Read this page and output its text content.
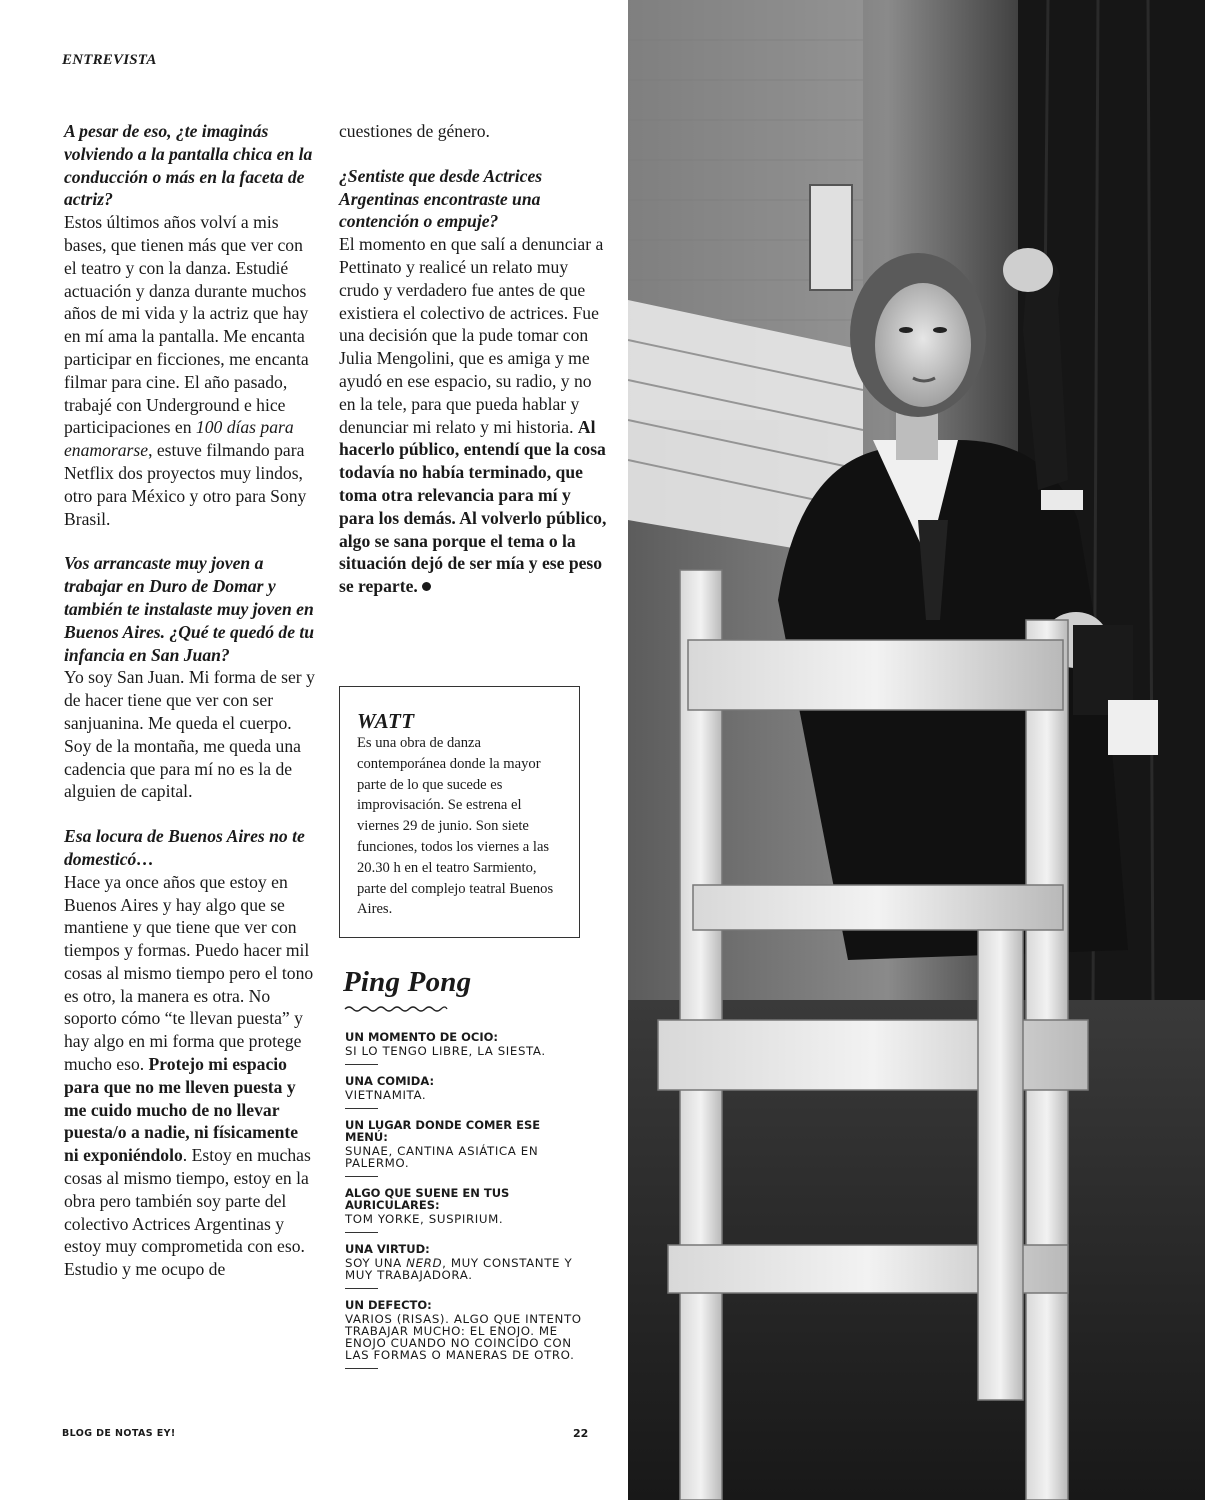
ENTREVISTA

A pesar de eso, ¿te imaginás volviendo a la pantalla chica en la conducción o más en la faceta de actriz?
Estos últimos años volví a mis bases, que tienen más que ver con el teatro y con la danza. Estudié actuación y danza durante muchos años de mi vida y la actriz que hay en mí ama la pantalla. Me encanta participar en ficciones, me encanta filmar para cine. El año pasado, trabajé con Underground e hice participaciones en 100 días para enamorarse, estuve filmando para Netflix dos proyectos muy lindos, otro para México y otro para Sony Brasil.

Vos arrancaste muy joven a trabajar en Duro de Domar y también te instalaste muy joven en Buenos Aires. ¿Qué te quedó de tu infancia en San Juan?
Yo soy San Juan. Mi forma de ser y de hacer tiene que ver con ser sanjuanina. Me queda el cuerpo. Soy de la montaña, me queda una cadencia que para mí no es la de alguien de capital.

Esa locura de Buenos Aires no te domesticó…
Hace ya once años que estoy en Buenos Aires y hay algo que se mantiene y que tiene que ver con tiempos y formas. Puedo hacer mil cosas al mismo tiempo pero el tono es otro, la manera es otra. No soporto cómo “te llevan puesta” y hay algo en mi forma que protege mucho eso. Protejo mi espacio para que no me lleven puesta y me cuido mucho de no llevar puesta/o a nadie, ni físicamente ni exponiéndolo. Estoy en muchas cosas al mismo tiempo, estoy en la obra pero también soy parte del colectivo Actrices Argentinas y estoy muy comprometida con eso. Estudio y me ocupo de

cuestiones de género.

¿Sentiste que desde Actrices Argentinas encontraste una contención o empuje?
El momento en que salí a denunciar a Pettinato y realicé un relato muy crudo y verdadero fue antes de que existiera el colectivo de actrices. Fue una decisión que la pude tomar con Julia Mengolini, que es amiga y me ayudó en ese espacio, su radio, y no en la tele, para que pueda hablar y denunciar mi relato y mi historia. Al hacerlo público, entendí que la cosa todavía no había terminado, que toma otra relevancia para mí y para los demás. Al volverlo público, algo se sana porque el tema o la situación dejó de ser mía y ese peso se reparte.

WATT
Es una obra de danza contemporánea donde la mayor parte de lo que sucede es improvisación. Se estrena el viernes 29 de junio. Son siete funciones, todos los viernes a las 20.30 h en el teatro Sarmiento, parte del complejo teatral Buenos Aires.
Ping Pong
UN MOMENTO DE OCIO:
SI LO TENGO LIBRE, LA SIESTA.
UNA COMIDA:
VIETNAMITA.
UN LUGAR DONDE COMER ESE MENÚ:
SUNAE, CANTINA ASIÁTICA EN PALERMO.
ALGO QUE SUENE EN TUS AURICULARES:
TOM YORKE, SUSPIRIUM.
UNA VIRTUD:
SOY UNA NERD, MUY CONSTANTE Y MUY TRABAJADORA.
UN DEFECTO:
VARIOS (RISAS). ALGO QUE INTENTO TRABAJAR MUCHO: EL ENOJO. ME ENOJO CUANDO NO COINCIDO CON LAS FORMAS O MANERAS DE OTRO.
BLOG DE NOTAS EY!	22
